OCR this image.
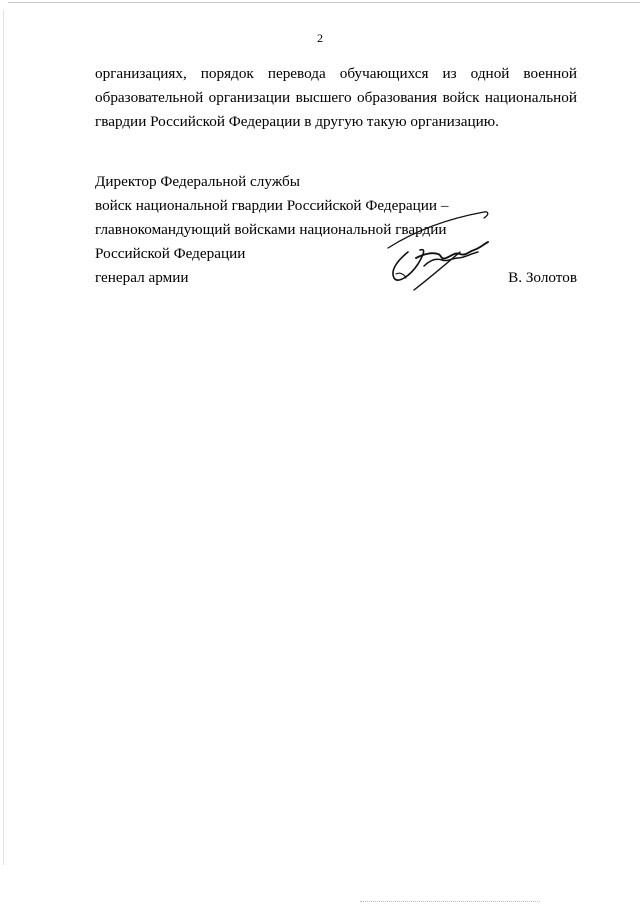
2
организациях, порядок перевода обучающихся из одной военной
образовательной организации высшего образования войск национальной
гвардии Российской Федерации в другую такую организацию.
Директор Федеральной службы
войск национальной гвардии Российской Федерации –
главнокомандующий войсками национальной гвардии
Российской Федерации
генерал армии	В. Золотов
